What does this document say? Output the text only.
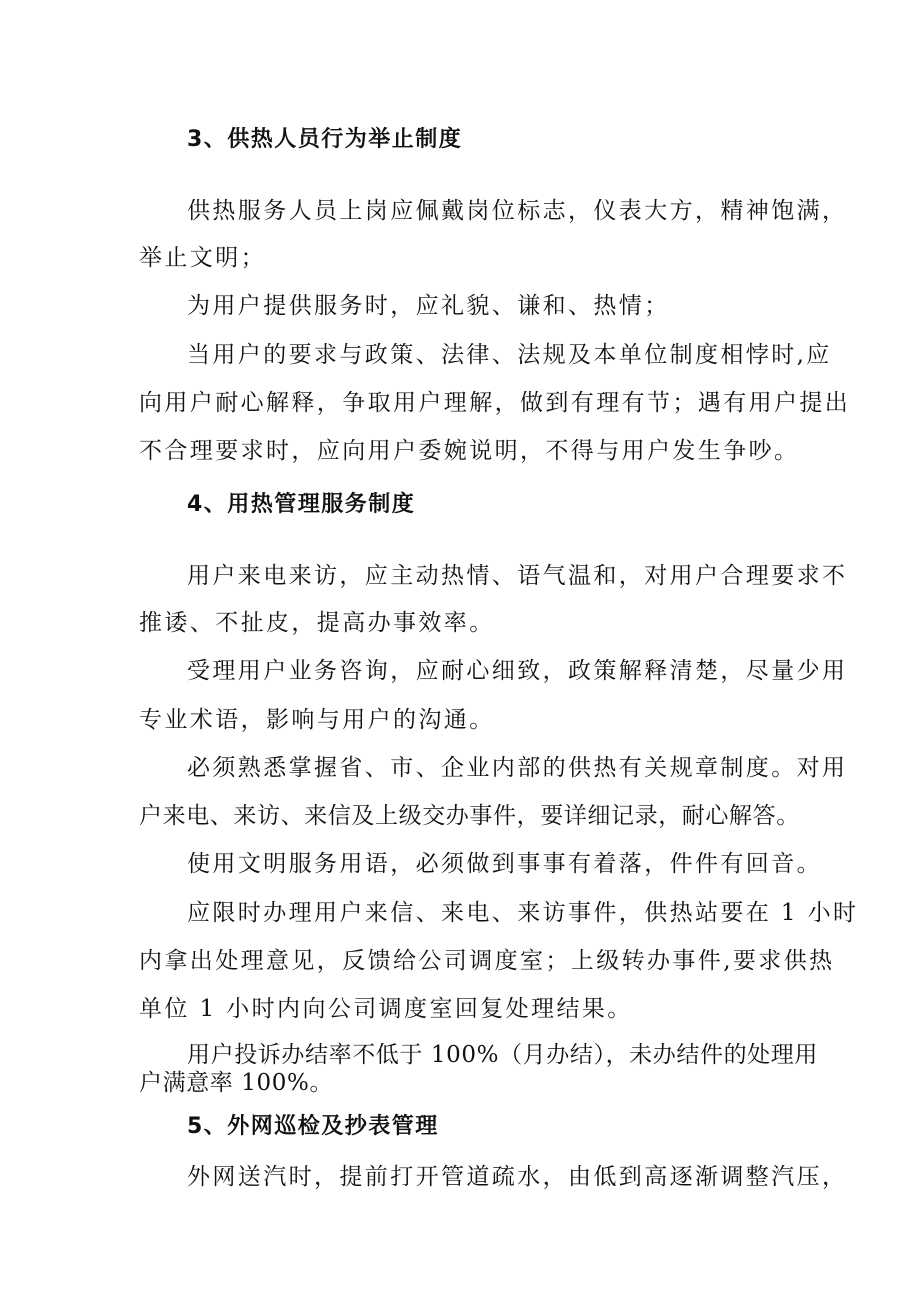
3、供热人员行为举止制度
供热服务人员上岗应佩戴岗位标志，仪表大方，精神饱满，
举止文明；
为用户提供服务时，应礼貌、谦和、热情；
当用户的要求与政策、法律、法规及本单位制度相悖时,应
向用户耐心解释，争取用户理解，做到有理有节；遇有用户提出
不合理要求时，应向用户委婉说明，不得与用户发生争吵。
4、用热管理服务制度
用户来电来访，应主动热情、语气温和，对用户合理要求不
推诿、不扯皮，提高办事效率。
受理用户业务咨询，应耐心细致，政策解释清楚，尽量少用
专业术语，影响与用户的沟通。
必须熟悉掌握省、市、企业内部的供热有关规章制度。对用
户来电、来访、来信及上级交办事件，要详细记录，耐心解答。
使用文明服务用语，必须做到事事有着落，件件有回音。
应限时办理用户来信、来电、来访事件，供热站要在 1 小时
内拿出处理意见，反馈给公司调度室；上级转办事件,要求供热
单位 1 小时内向公司调度室回复处理结果。
用户投诉办结率不低于 100%（月办结），未办结件的处理用
户满意率 100%。
5、外网巡检及抄表管理
外网送汽时，提前打开管道疏水，由低到高逐渐调整汽压，
